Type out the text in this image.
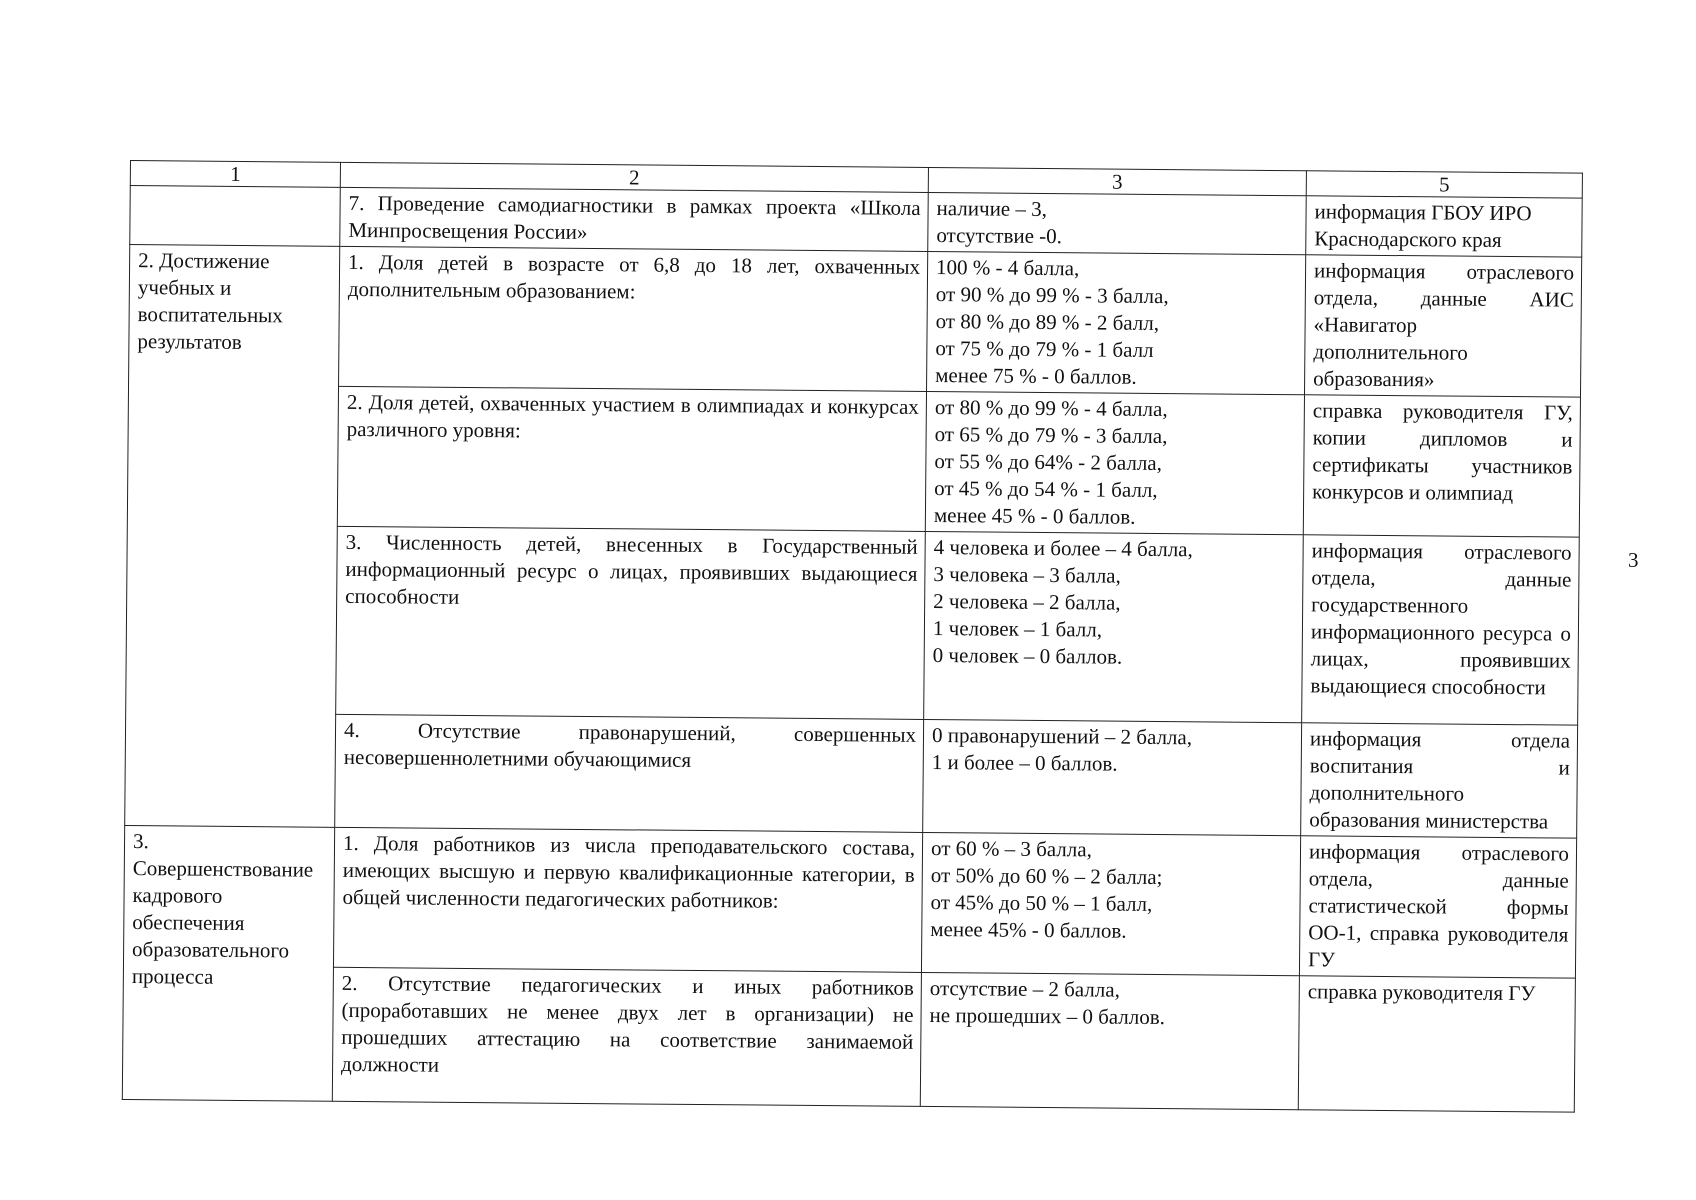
3
1	2	3	5
	7. Проведение самодиагностики в рамках проекта «Школа Минпросвещения России»	наличие – 3,
отсутствие -0.	информация ГБОУ ИРО Краснодарского края
2. Достижение учебных и воспитательных результатов	1. Доля детей в возрасте от 6,8 до 18 лет, охваченных дополнительным образованием:	100 % - 4 балла,
от 90 % до 99 % - 3 балла,
от 80 % до 89 % - 2 балл,
от 75 % до 79 % - 1 балл
менее 75 % - 0 баллов.	информация отраслевого отдела, данные АИС «Навигатор дополнительного образования»
	2. Доля детей, охваченных участием в олимпиадах и конкурсах различного уровня:	от 80 % до 99 % - 4 балла,
от 65 % до 79 % - 3 балла,
от 55 % до 64% - 2 балла,
от 45 % до 54 % - 1 балл,
менее 45 % - 0 баллов.	справка руководителя ГУ, копии дипломов и сертификаты участников конкурсов и олимпиад
	3. Численность детей, внесенных в Государственный информационный ресурс о лицах, проявивших выдающиеся способности	4 человека и более – 4 балла,
3 человека – 3 балла,
2 человека – 2 балла,
1 человек – 1 балл,
0 человек – 0 баллов.	информация отраслевого отдела, данные государственного информационного ресурса о лицах, проявивших выдающиеся способности
	4. Отсутствие правонарушений, совершенных несовершеннолетними обучающимися	0 правонарушений – 2 балла,
1 и более – 0 баллов.	информация отдела воспитания и дополнительного образования министерства
3. Совершенствование кадрового обеспечения образовательного процесса	1. Доля работников из числа преподавательского состава, имеющих высшую и первую квалификационные категории, в общей численности педагогических работников:	от 60 % – 3 балла,
от 50% до 60 % – 2 балла;
от 45% до 50 % – 1 балл,
менее 45% - 0 баллов.	информация отраслевого отдела, данные статистической формы ОО-1, справка руководителя ГУ
	2. Отсутствие педагогических и иных работников (проработавших не менее двух лет в организации) не прошедших аттестацию на соответствие занимаемой должности	отсутствие – 2 балла,
не прошедших – 0 баллов.	справка руководителя ГУ
